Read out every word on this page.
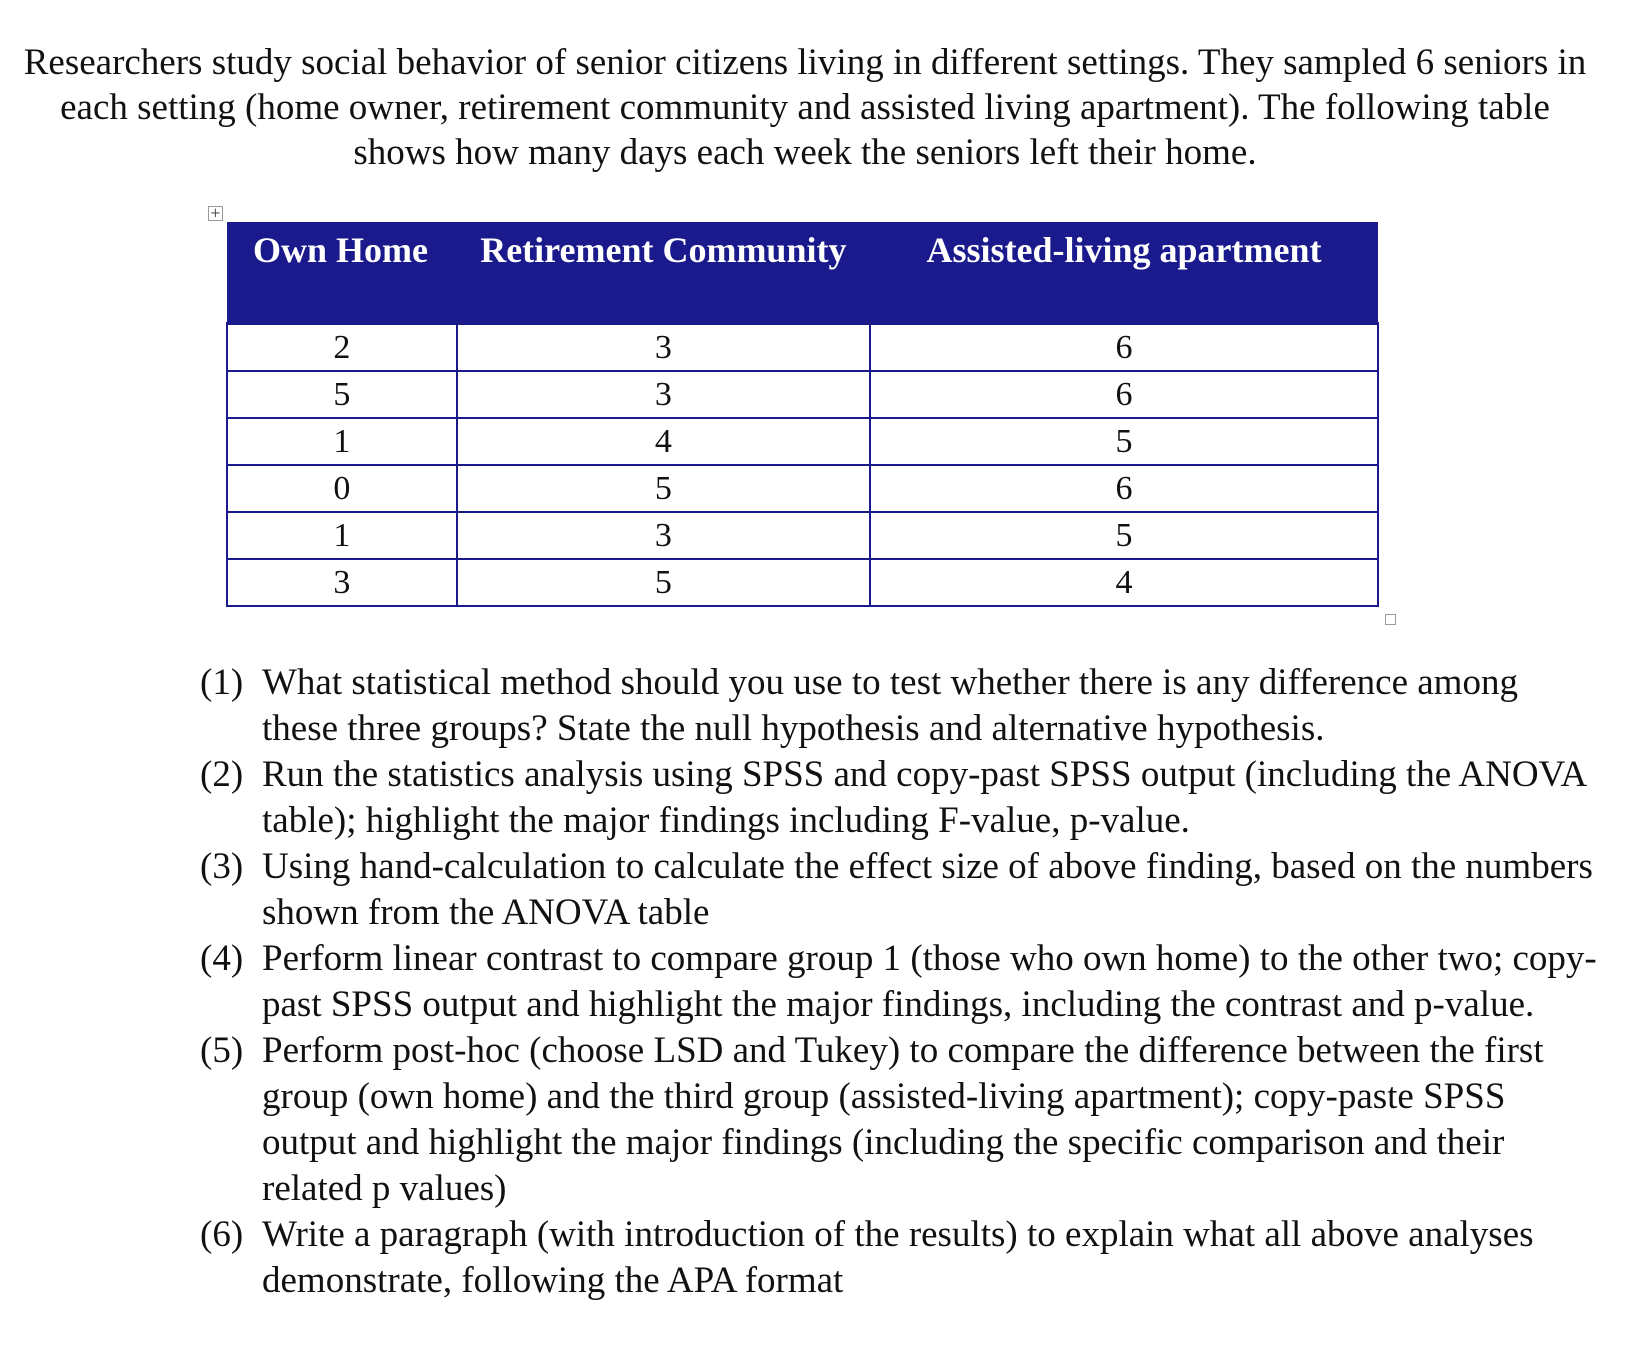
Researchers study social behavior of senior citizens living in different settings. They sampled 6 seniors in each setting (home owner, retirement community and assisted living apartment). The following table shows how many days each week the seniors left their home.

+
Own Home	Retirement Community	Assisted-living apartment
2	3	6
5	3	6
1	4	5
0	5	6
1	3	5
3	5	4
(1) What statistical method should you use to test whether there is any difference among these three groups? State the null hypothesis and alternative hypothesis.
(2) Run the statistics analysis using SPSS and copy-past SPSS output (including the ANOVA table); highlight the major findings including F-value, p-value.
(3) Using hand-calculation to calculate the effect size of above finding, based on the numbers shown from the ANOVA table
(4) Perform linear contrast to compare group 1 (those who own home) to the other two; copy-past SPSS output and highlight the major findings, including the contrast and p-value.
(5) Perform post-hoc (choose LSD and Tukey) to compare the difference between the first group (own home) and the third group (assisted-living apartment); copy-paste SPSS output and highlight the major findings (including the specific comparison and their related p values)
(6) Write a paragraph (with introduction of the results) to explain what all above analyses demonstrate, following the APA format
